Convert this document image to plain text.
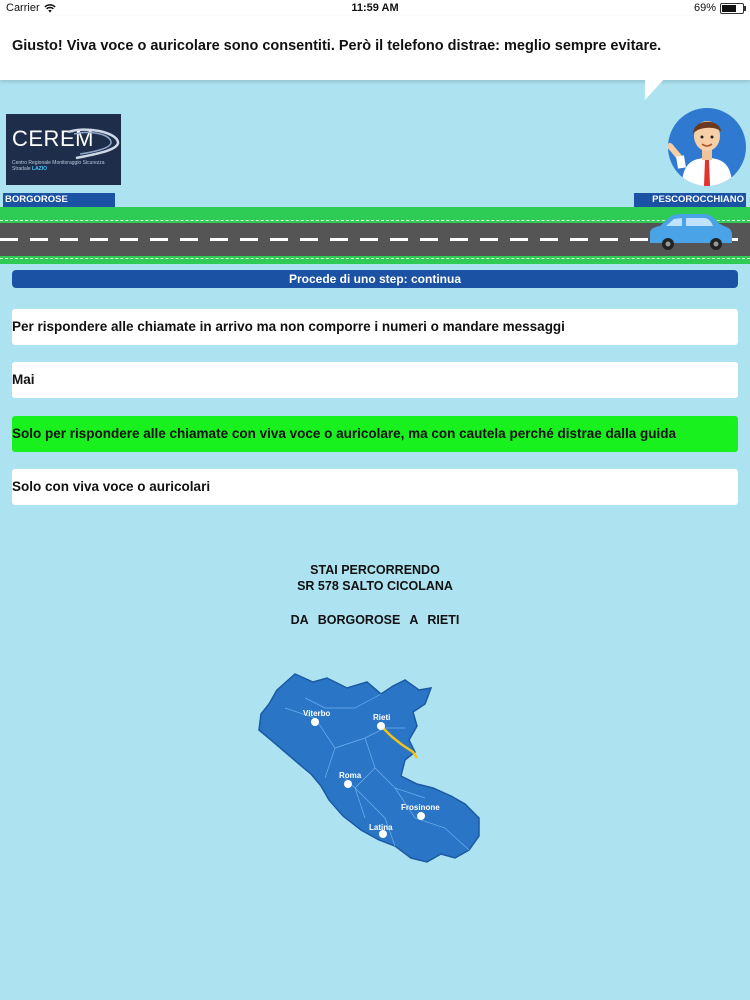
Carrier	11:59 AM	69%
Giusto! Viva voce o auricolare sono consentiti. Però il telefono distrae: meglio sempre evitare.
CEREM
Centro Regionale Monitoraggio Sicurezza Stradale LAZIO
BORGOROSE	PESCOROCCHIANO
Procede di uno step: continua
Per rispondere alle chiamate in arrivo ma non comporre i numeri o mandare messaggi
Mai
Solo per rispondere alle chiamate con viva voce o auricolare, ma con cautela perché distrae dalla guida
Solo con viva voce o auricolari
STAI PERCORRENDO
SR 578 SALTO CICOLANA
DA BORGOROSE A RIETI
Viterbo	Rieti
Roma
Frosinone
Latina
